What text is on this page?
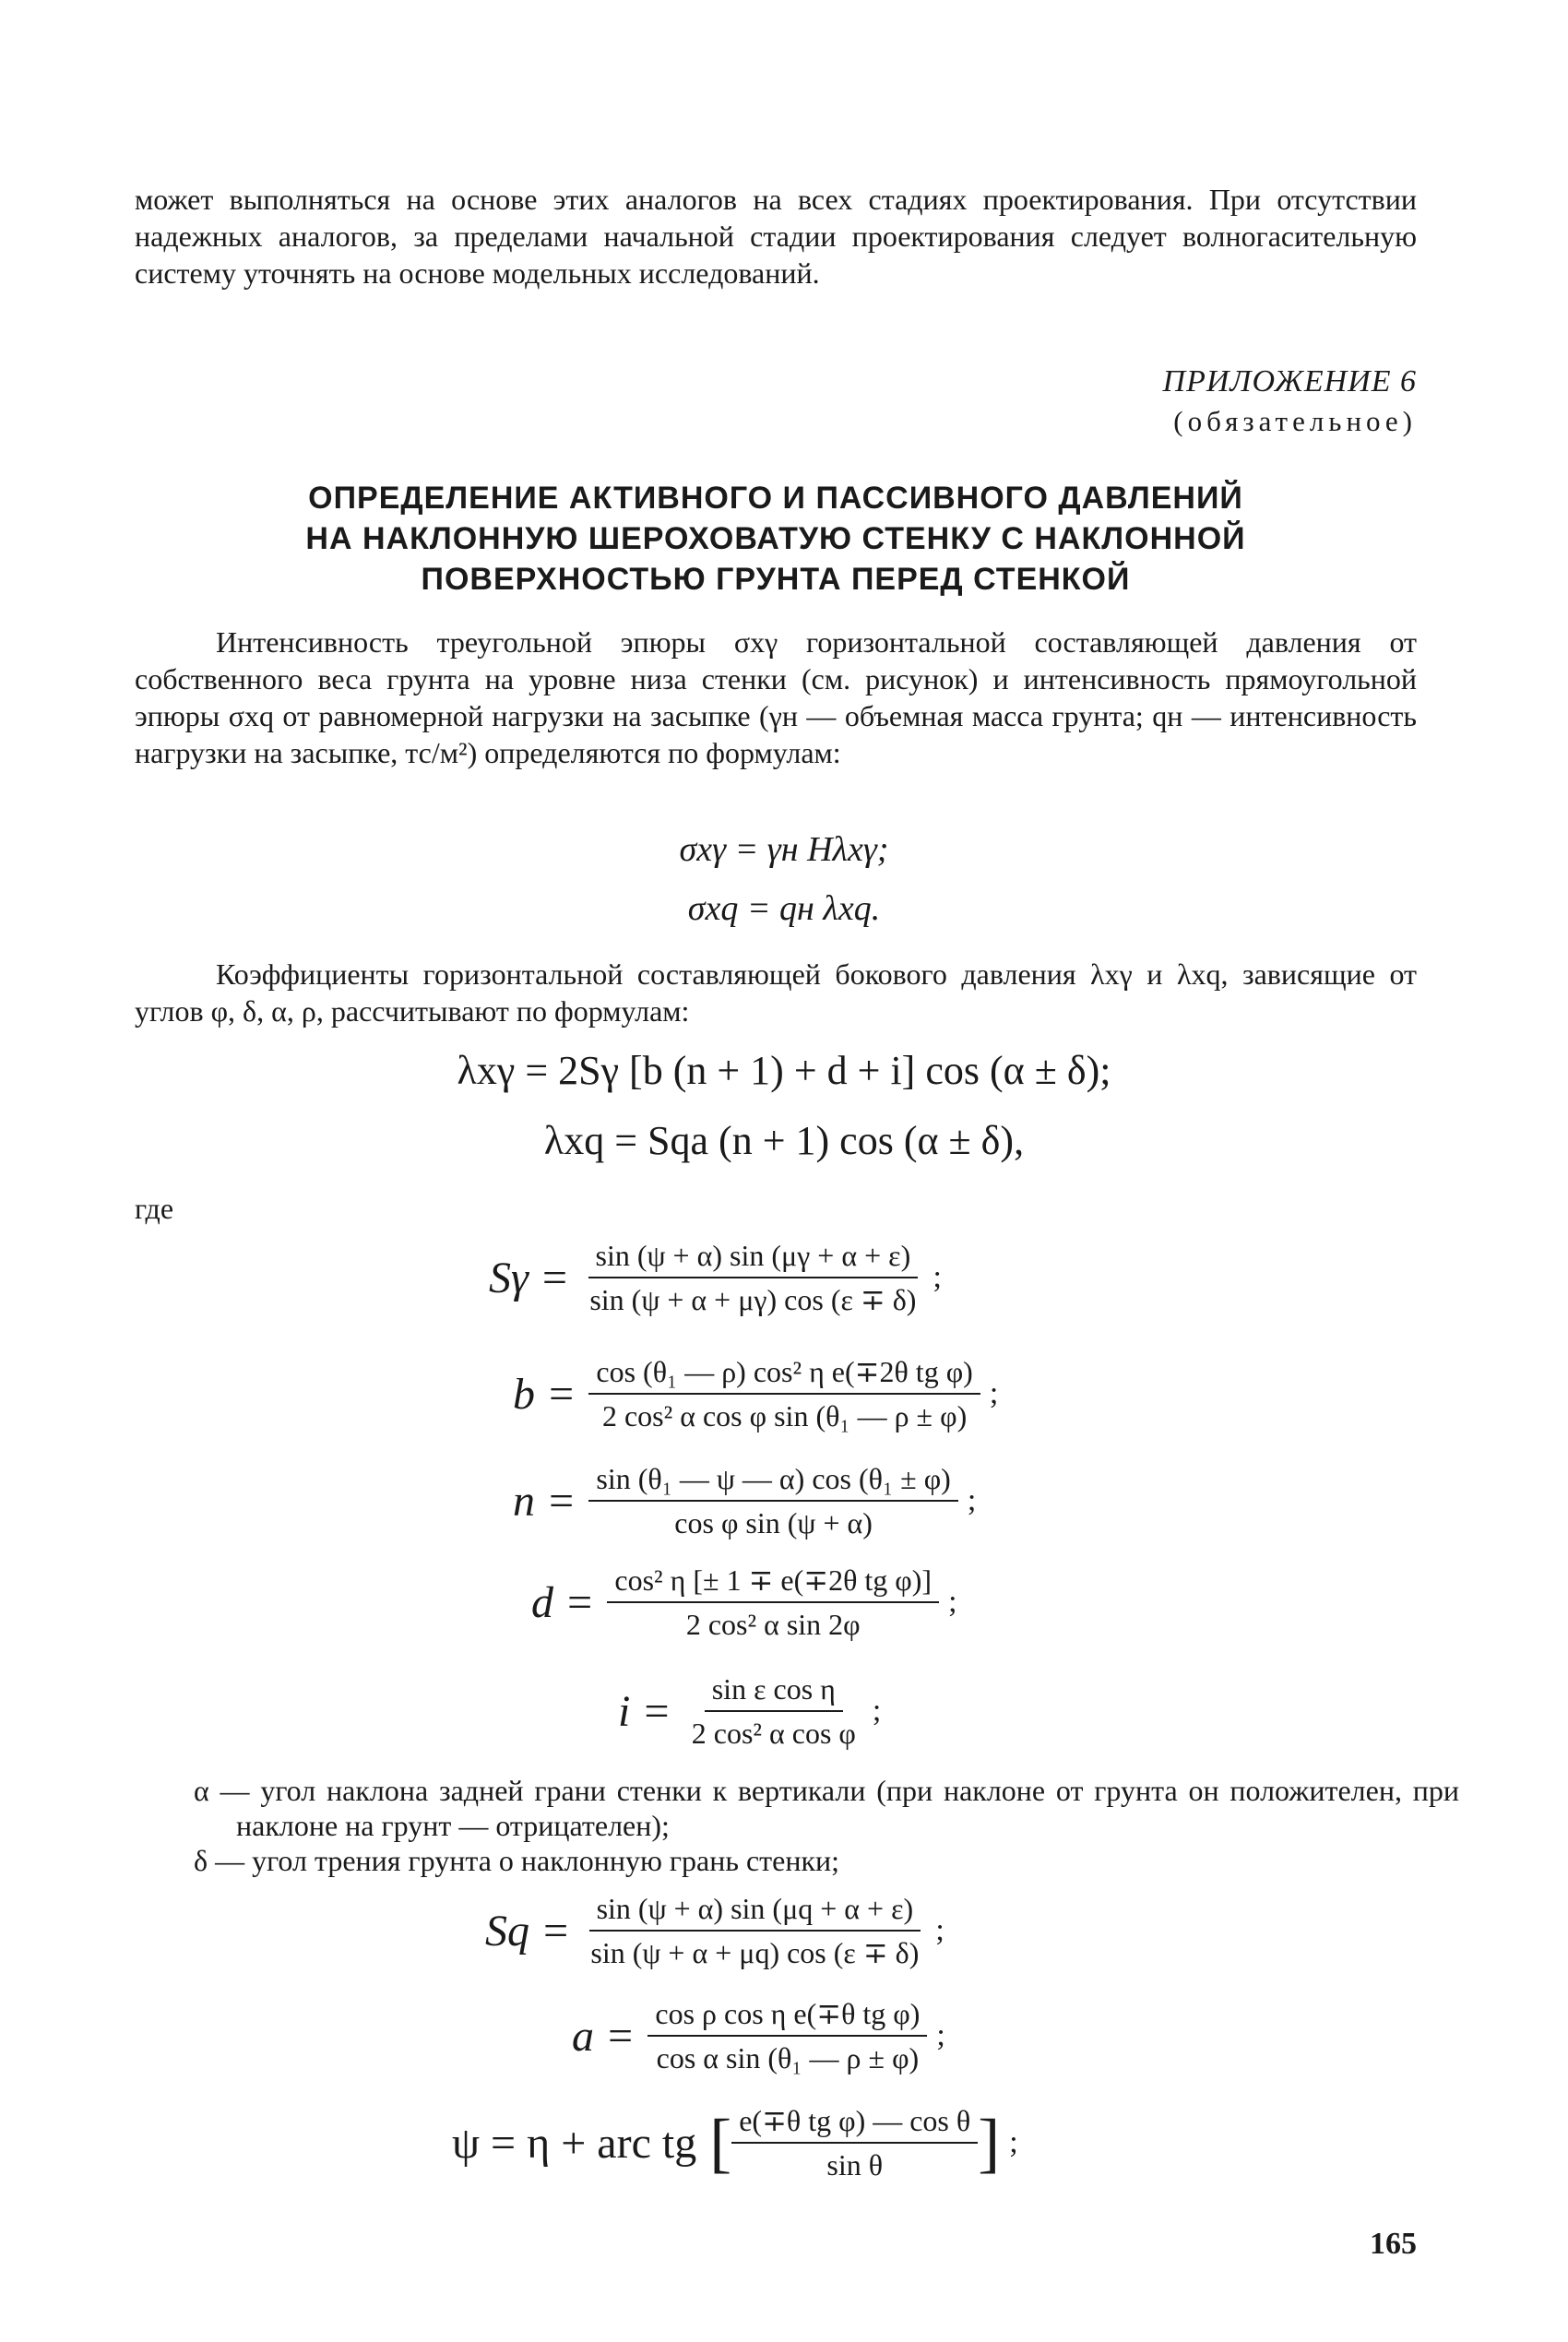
может выполняться на основе этих аналогов на всех стадиях проектирования. При отсутствии надежных аналогов, за пределами начальной стадии проектирования следует волногасительную систему уточнять на основе модельных исследований.
ПРИЛОЖЕНИЕ 6
(обязательное)
ОПРЕДЕЛЕНИЕ АКТИВНОГО И ПАССИВНОГО ДАВЛЕНИЙ
НА НАКЛОННУЮ ШЕРОХОВАТУЮ СТЕНКУ С НАКЛОННОЙ
ПОВЕРХНОСТЬЮ ГРУНТА ПЕРЕД СТЕНКОЙ
Интенсивность треугольной эпюры σxγ горизонтальной составляющей давления от собственного веса грунта на уровне низа стенки (см. рисунок) и интенсивность прямоугольной эпюры σxq от равномерной нагрузки на засыпке (γн — объемная масса грунта; qн — интенсивность нагрузки на засыпке, тс/м²) определяются по формулам:
σxγ = γн Hλxγ;
σxq = qн λxq.
Коэффициенты горизонтальной составляющей бокового давления λxγ и λxq, зависящие от углов φ, δ, α, ρ, рассчитывают по формулам:
λxγ = 2Sγ [b (n + 1) + d + i] cos (α ± δ);
λxq = Sqa (n + 1) cos (α ± δ),
где
$S\gamma = \frac{\sin (\psi + \alpha) \sin (\mu\gamma + \alpha + \varepsilon)}{\sin (\psi + \alpha + \mu\gamma) \cos (\varepsilon \mp \delta)}$ ;
$b = \frac{\text{cos (θ₁ — ρ) cos² η e(∓2θ tg φ)}}{\text{2 cos² α cos φ sin (θ₁ — ρ ± φ)}}$ ;
$n = \frac{\text{sin (θ₁ — ψ — α) cos (θ₁ ± φ)}}{\text{cos φ sin (ψ + α)}}$ ;
$d = \frac{\text{cos² η [± 1 ∓ e(∓2θ tg φ)]}}{\text{2 cos² α sin 2φ}}$ ;
$i = \frac{\text{sin ε cos η}}{\text{2 cos² α cos φ}}$ ;
α — угол наклона задней грани стенки к вертикали (при наклоне от грунта он положителен, при наклоне на грунт — отрицателен);
δ — угол трения грунта о наклонную грань стенки;
$Sq = \frac{\sin (\psi + \alpha) \sin (\mu q + \alpha + \varepsilon)}{\sin (\psi + \alpha + \mu q) \cos (\varepsilon \mp \delta)}$ ;
$a = \frac{\text{cos ρ cos η e(∓θ tg φ)}}{\text{cos α sin (θ₁ — ρ ± φ)}}$ ;
ψ = η + arc tg [ $\frac{\text{e(∓θ tg φ) — cos θ}}{\text{sin θ}}$ ] ;
165
